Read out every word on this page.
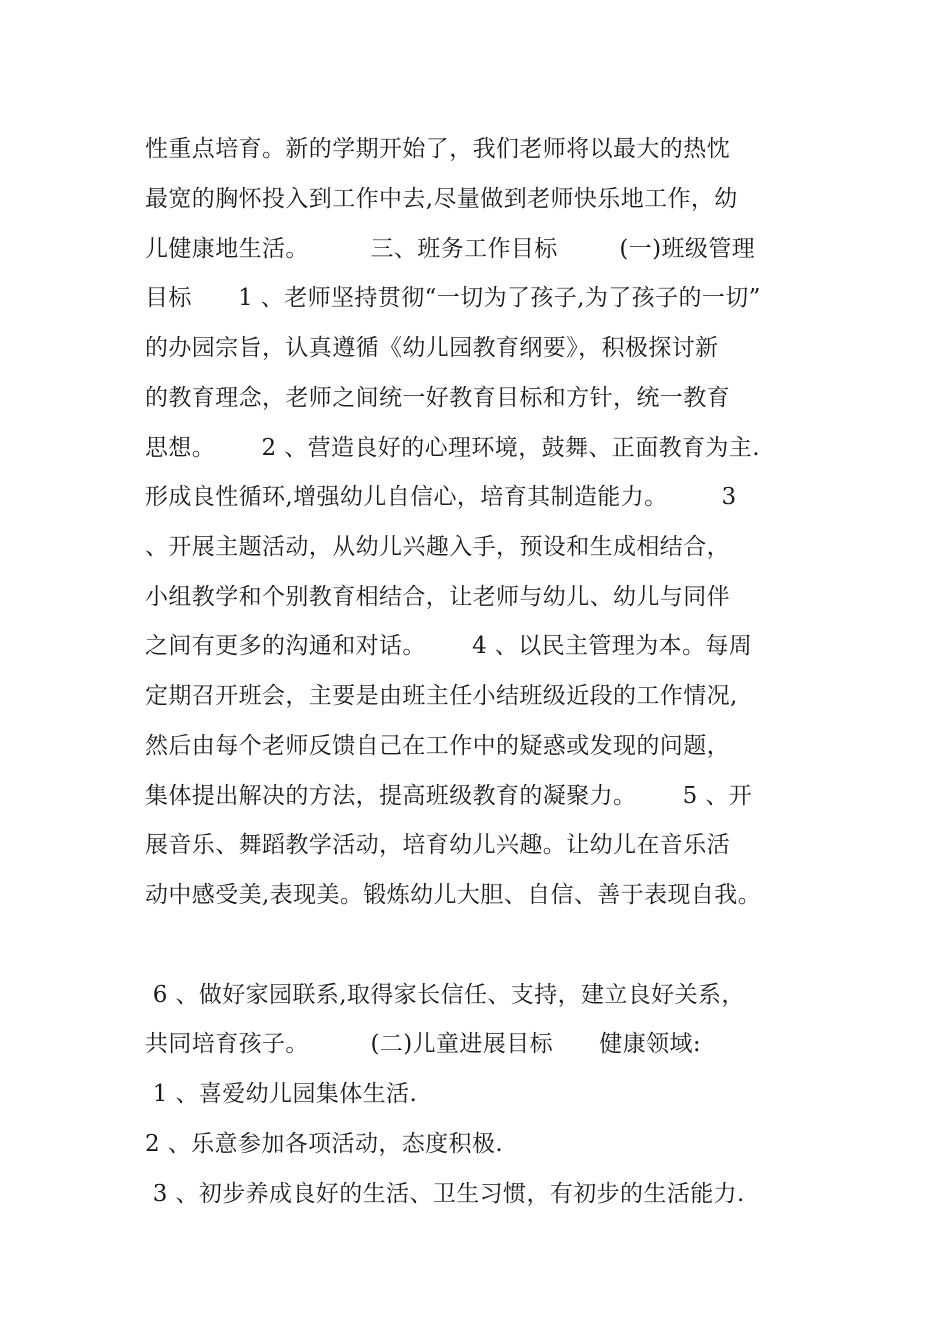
性重点培育。新的学期开始了，我们老师将以最大的热忱
最宽的胸怀投入到工作中去,尽量做到老师快乐地工作，幼
儿健康地生活。        三、班务工作目标        (一)班级管理
目标      1 、老师坚持贯彻“一切为了孩子,为了孩子的一切”
的办园宗旨，认真遵循《幼儿园教育纲要》，积极探讨新
的教育理念，老师之间统一好教育目标和方针，统一教育
思想。      2 、营造良好的心理环境，鼓舞、正面教育为主.
形成良性循环,增强幼儿自信心，培育其制造能力。       3
、开展主题活动，从幼儿兴趣入手，预设和生成相结合，
小组教学和个别教育相结合，让老师与幼儿、幼儿与同伴
之间有更多的沟通和对话。      4 、以民主管理为本。每周
定期召开班会，主要是由班主任小结班级近段的工作情况,
然后由每个老师反馈自己在工作中的疑惑或发现的问题，
集体提出解决的方法，提高班级教育的凝聚力。      5 、开
展音乐、舞蹈教学活动，培育幼儿兴趣。让幼儿在音乐活
动中感受美,表现美。锻炼幼儿大胆、自信、善于表现自我。
6 、做好家园联系,取得家长信任、支持，建立良好关系，
共同培育孩子。        (二)儿童进展目标      健康领域:
1 、喜爱幼儿园集体生活.
2 、乐意参加各项活动，态度积极.
3 、初步养成良好的生活、卫生习惯，有初步的生活能力.
